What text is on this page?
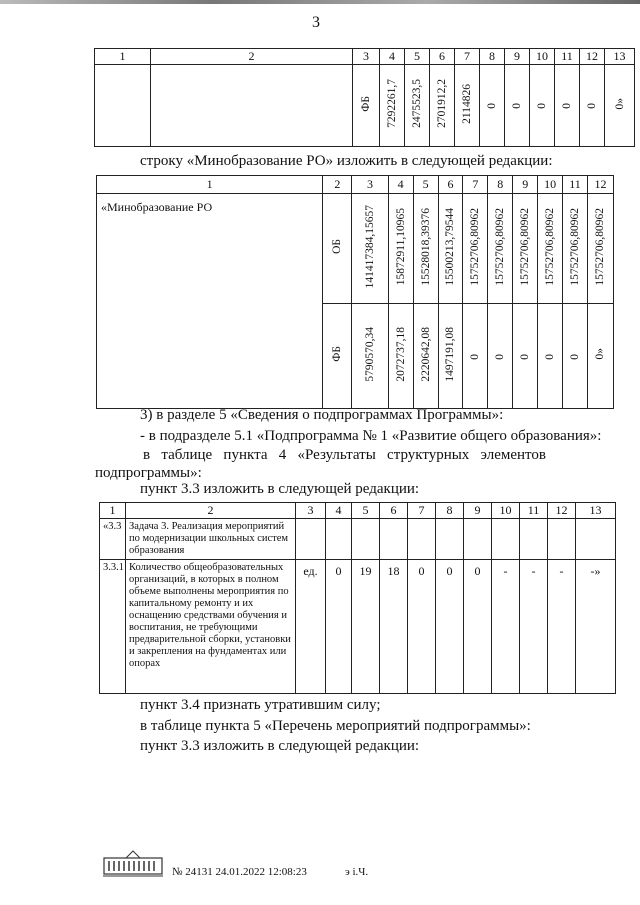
3
1	2	3	4	5	6	7	8	9	10	11	12	13
		ФБ	7292261,7	2475523,5	2701912,2	2114826	0	0	0	0	0	0»
строку «Минобразование РО» изложить в следующей редакции:
1	2	3	4	5	6	7	8	9	10	11	12
«Минобразование РО	ОБ	141417384,15657	15872911,10965	15528018,39376	15500213,79544	15752706,80962	15752706,80962	15752706,80962	15752706,80962	15752706,80962	15752706,80962
	ФБ	5790570,34	2072737,18	2220642,08	1497191,08	0	0	0	0	0	0»
3) в разделе 5 «Сведения о подпрограммах Программы»:
- в подразделе 5.1 «Подпрограмма № 1 «Развитие общего образования»:
в   таблице   пункта   4   «Результаты   структурных   элементов
подпрограммы»:
пункт 3.3 изложить в следующей редакции:
1	2	3	4	5	6	7	8	9	10	11	12	13
«3.3	Задача 3. Реализация мероприятий по модернизации школьных систем образования											
3.3.1	Количество общеобразовательных организаций, в которых в полном объеме выполнены мероприятия по капитальному ремонту и их оснащению средствами обучения и воспитания, не требующими предварительной сборки, установки и закрепления на фундаментах или опорах	ед.	0	19	18	0	0	0	-	-	-	-»
пункт 3.4 признать утратившим силу;
в таблице пункта 5 «Перечень мероприятий подпрограммы»:
пункт 3.3 изложить в следующей редакции:
№ 24131 24.01.2022 12:08:23	э і.Ч.
